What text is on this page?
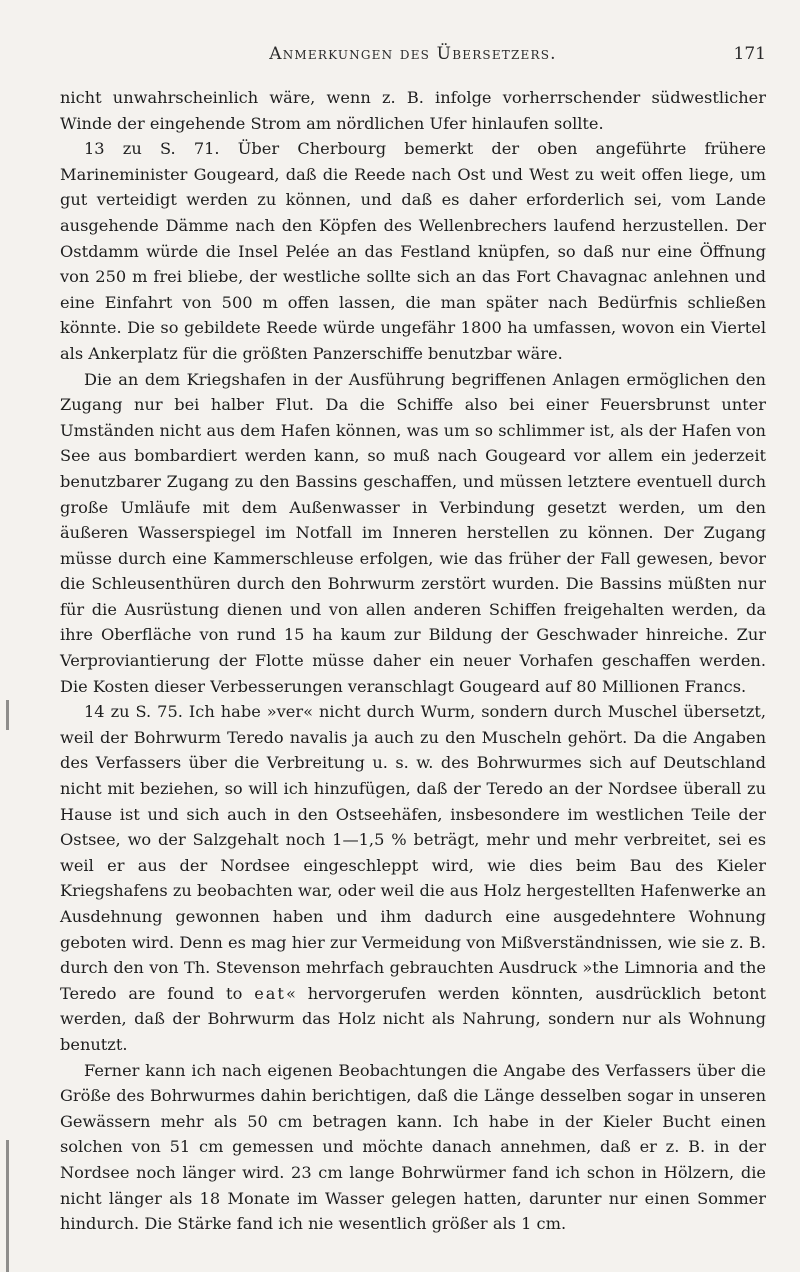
Anmerkungen des Übersetzers.	171

nicht unwahrscheinlich wäre, wenn z. B. infolge vorherrschender südwestlicher Winde der eingehende Strom am nördlichen Ufer hinlaufen sollte.

13 zu S. 71. Über Cherbourg bemerkt der oben angeführte frühere Marineminister Gougeard, daß die Reede nach Ost und West zu weit offen liege, um gut verteidigt werden zu können, und daß es daher erforderlich sei, vom Lande ausgehende Dämme nach den Köpfen des Wellenbrechers laufend herzustellen. Der Ostdamm würde die Insel Pelée an das Festland knüpfen, so daß nur eine Öffnung von 250 m frei bliebe, der westliche sollte sich an das Fort Chavagnac anlehnen und eine Einfahrt von 500 m offen lassen, die man später nach Bedürfnis schließen könnte. Die so gebildete Reede würde ungefähr 1800 ha umfassen, wovon ein Viertel als Ankerplatz für die größten Panzerschiffe benutzbar wäre.

Die an dem Kriegshafen in der Ausführung begriffenen Anlagen ermöglichen den Zugang nur bei halber Flut. Da die Schiffe also bei einer Feuersbrunst unter Umständen nicht aus dem Hafen können, was um so schlimmer ist, als der Hafen von See aus bombardiert werden kann, so muß nach Gougeard vor allem ein jederzeit benutzbarer Zugang zu den Bassins geschaffen, und müssen letztere eventuell durch große Umläufe mit dem Außenwasser in Verbindung gesetzt werden, um den äußeren Wasserspiegel im Notfall im Inneren herstellen zu können. Der Zugang müsse durch eine Kammerschleuse erfolgen, wie das früher der Fall gewesen, bevor die Schleusenthüren durch den Bohrwurm zerstört wurden. Die Bassins müßten nur für die Ausrüstung dienen und von allen anderen Schiffen freigehalten werden, da ihre Oberfläche von rund 15 ha kaum zur Bildung der Geschwader hinreiche. Zur Verproviantierung der Flotte müsse daher ein neuer Vorhafen geschaffen werden. Die Kosten dieser Verbesserungen veranschlagt Gougeard auf 80 Millionen Francs.

14 zu S. 75. Ich habe »ver« nicht durch Wurm, sondern durch Muschel übersetzt, weil der Bohrwurm Teredo navalis ja auch zu den Muscheln gehört. Da die Angaben des Verfassers über die Verbreitung u. s. w. des Bohrwurmes sich auf Deutschland nicht mit beziehen, so will ich hinzufügen, daß der Teredo an der Nordsee überall zu Hause ist und sich auch in den Ostseehäfen, insbesondere im westlichen Teile der Ostsee, wo der Salzgehalt noch 1—1,5 % beträgt, mehr und mehr verbreitet, sei es weil er aus der Nordsee eingeschleppt wird, wie dies beim Bau des Kieler Kriegshafens zu beobachten war, oder weil die aus Holz hergestellten Hafenwerke an Ausdehnung gewonnen haben und ihm dadurch eine ausgedehntere Wohnung geboten wird. Denn es mag hier zur Vermeidung von Mißverständnissen, wie sie z. B. durch den von Th. Stevenson mehrfach gebrauchten Ausdruck »the Limnoria and the Teredo are found to eat« hervorgerufen werden könnten, ausdrücklich betont werden, daß der Bohrwurm das Holz nicht als Nahrung, sondern nur als Wohnung benutzt.

Ferner kann ich nach eigenen Beobachtungen die Angabe des Verfassers über die Größe des Bohrwurmes dahin berichtigen, daß die Länge desselben sogar in unseren Gewässern mehr als 50 cm betragen kann. Ich habe in der Kieler Bucht einen solchen von 51 cm gemessen und möchte danach annehmen, daß er z. B. in der Nordsee noch länger wird. 23 cm lange Bohrwürmer fand ich schon in Hölzern, die nicht länger als 18 Monate im Wasser gelegen hatten, darunter nur einen Sommer hindurch. Die Stärke fand ich nie wesentlich größer als 1 cm.
